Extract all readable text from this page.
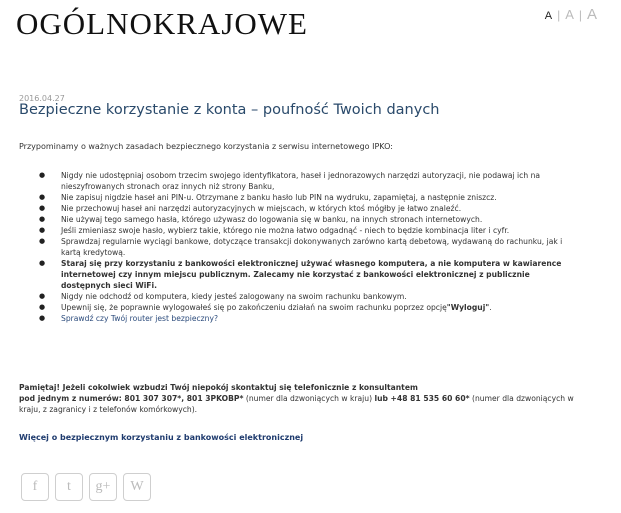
OGÓLNOKRAJOWE	A | A | A
2016.04.27
Bezpieczne korzystanie z konta – poufność Twoich danych
Przypominamy o ważnych zasadach bezpiecznego korzystania z serwisu internetowego IPKO:
● Nigdy nie udostępniaj osobom trzecim swojego identyfikatora, haseł i jednorazowych narzędzi autoryzacji, nie podawaj ich na nieszyfrowanych stronach oraz innych niż strony Banku,
● Nie zapisuj nigdzie haseł ani PIN-u. Otrzymane z banku hasło lub PIN na wydruku, zapamiętaj, a następnie zniszcz.
● Nie przechowuj haseł ani narzędzi autoryzacyjnych w miejscach, w których ktoś mógłby je łatwo znaleźć.
● Nie używaj tego samego hasła, którego używasz do logowania się w banku, na innych stronach internetowych.
● Jeśli zmieniasz swoje hasło, wybierz takie, którego nie można łatwo odgadnąć - niech to będzie kombinacja liter i cyfr.
● Sprawdzaj regularnie wyciągi bankowe, dotyczące transakcji dokonywanych zarówno kartą debetową, wydawaną do rachunku, jak i kartą kredytową.
● Staraj się przy korzystaniu z bankowości elektronicznej używać własnego komputera, a nie komputera w kawiarence internetowej czy innym miejscu publicznym. Zalecamy nie korzystać z bankowości elektronicznej z publicznie dostępnych sieci WiFi.
● Nigdy nie odchodź od komputera, kiedy jesteś zalogowany na swoim rachunku bankowym.
● Upewnij się, że poprawnie wylogowałeś się po zakończeniu działań na swoim rachunku poprzez opcję"Wyloguj".
● Sprawdź czy Twój router jest bezpieczny?
Pamiętaj! Jeżeli cokolwiek wzbudzi Twój niepokój skontaktuj się telefonicznie z konsultantem
pod jednym z numerów: 801 307 307*, 801 3PKOBP* (numer dla dzwoniących w kraju) lub +48 81 535 60 60* (numer dla dzwoniących w kraju, z zagranicy i z telefonów komórkowych).
Więcej o bezpiecznym korzystaniu z bankowości elektronicznej
f t g+ W
